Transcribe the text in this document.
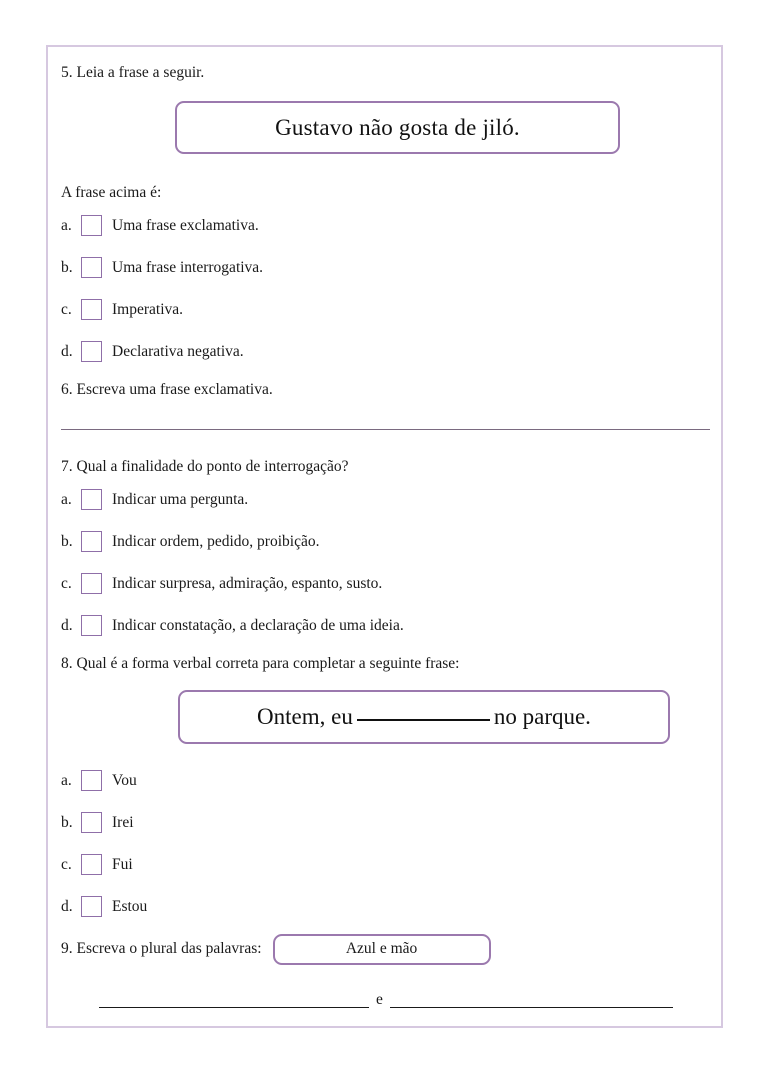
5. Leia a frase a seguir.

Gustavo não gosta de jiló.

A frase acima é:

a.	Uma frase exclamativa.
b.	Uma frase interrogativa.
c.	Imperativa.
d.	Declarativa negativa.

6. Escreva uma frase exclamativa.

7. Qual a finalidade do ponto de interrogação?

a.	Indicar uma pergunta.
b.	Indicar ordem, pedido, proibição.
c.	Indicar surpresa, admiração, espanto, susto.
d.	Indicar constatação, a declaração de uma ideia.

8. Qual é a forma verbal correta para completar a seguinte frase:

Ontem, eu	no parque.
a.	Vou
b.	Irei
c.	Fui
d.	Estou
9. Escreva o plural das palavras:	Azul e mão
e
